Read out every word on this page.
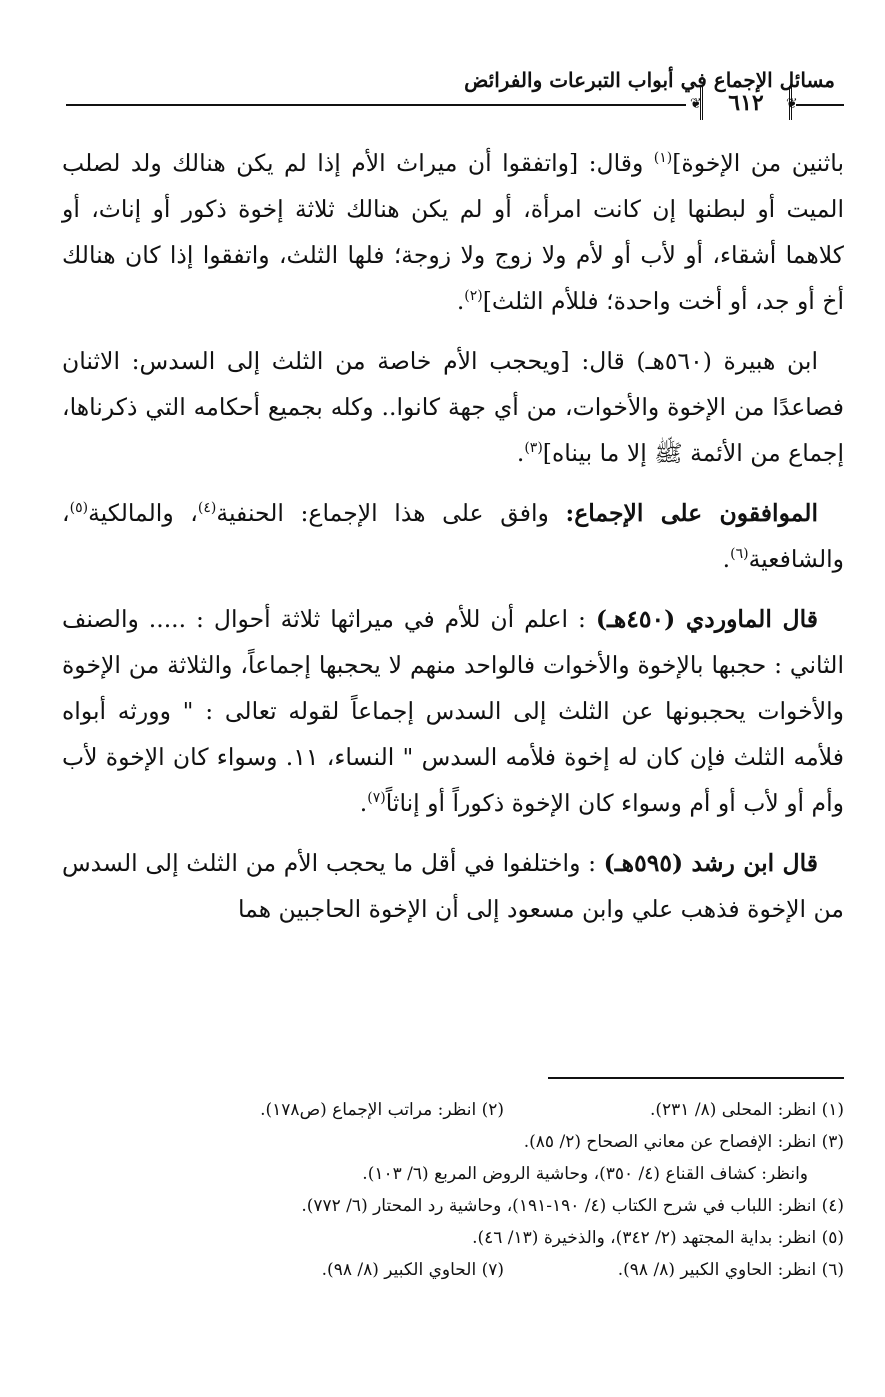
مسائل الإجماع في أبواب التبرعات والفرائض
❦	٦١٢	❦

باثنين من الإخوة]$^{(١)}$ وقال: [واتفقوا أن ميراث الأم إذا لم يكن هنالك ولد لصلب الميت أو لبطنها إن كانت امرأة، أو لم يكن هنالك ثلاثة إخوة ذكور أو إناث، أو كلاهما أشقاء، أو لأب أو لأم ولا زوج ولا زوجة؛ فلها الثلث، واتفقوا إذا كان هنالك أخ أو جد، أو أخت واحدة؛ فللأم الثلث]$^{(٢)}$.

ابن هبيرة (٥٦٠هـ) قال: [ويحجب الأم خاصة من الثلث إلى السدس: الاثنان فصاعدًا من الإخوة والأخوات، من أي جهة كانوا.. وكله بجميع أحكامه التي ذكرناها، إجماع من الأئمة ﷺ إلا ما بيناه]$^{(٣)}$.

الموافقون على الإجماع: وافق على هذا الإجماع: الحنفية$^{(٤)}$، والمالكية$^{(٥)}$، والشافعية$^{(٦)}$.

قال الماوردي (٤٥٠هـ) : اعلم أن للأم في ميراثها ثلاثة أحوال : ..... والصنف الثاني : حجبها بالإخوة والأخوات فالواحد منهم لا يحجبها إجماعاً، والثلاثة من الإخوة والأخوات يحجبونها عن الثلث إلى السدس إجماعاً لقوله تعالى : " وورثه أبواه فلأمه الثلث فإن كان له إخوة فلأمه السدس " النساء، ١١. وسواء كان الإخوة لأب وأم أو لأب أو أم وسواء كان الإخوة ذكوراً أو إناثاً$^{(٧)}$.

قال ابن رشد (٥٩٥هـ) : واختلفوا في أقل ما يحجب الأم من الثلث إلى السدس من الإخوة فذهب علي وابن مسعود إلى أن الإخوة الحاجبين هما

(١) انظر: المحلى (٨/ ٢٣١).
(٢) انظر: مراتب الإجماع (ص١٧٨).
(٣) انظر: الإفصاح عن معاني الصحاح (٢/ ٨٥).
وانظر: كشاف القناع (٤/ ٣٥٠)، وحاشية الروض المربع (٦/ ١٠٣).
(٤) انظر: اللباب في شرح الكتاب (٤/ ١٩٠-١٩١)، وحاشية رد المحتار (٦/ ٧٧٢).
(٥) انظر: بداية المجتهد (٢/ ٣٤٢)، والذخيرة (١٣/ ٤٦).
(٦) انظر: الحاوي الكبير (٨/ ٩٨).
(٧) الحاوي الكبير (٨/ ٩٨).
